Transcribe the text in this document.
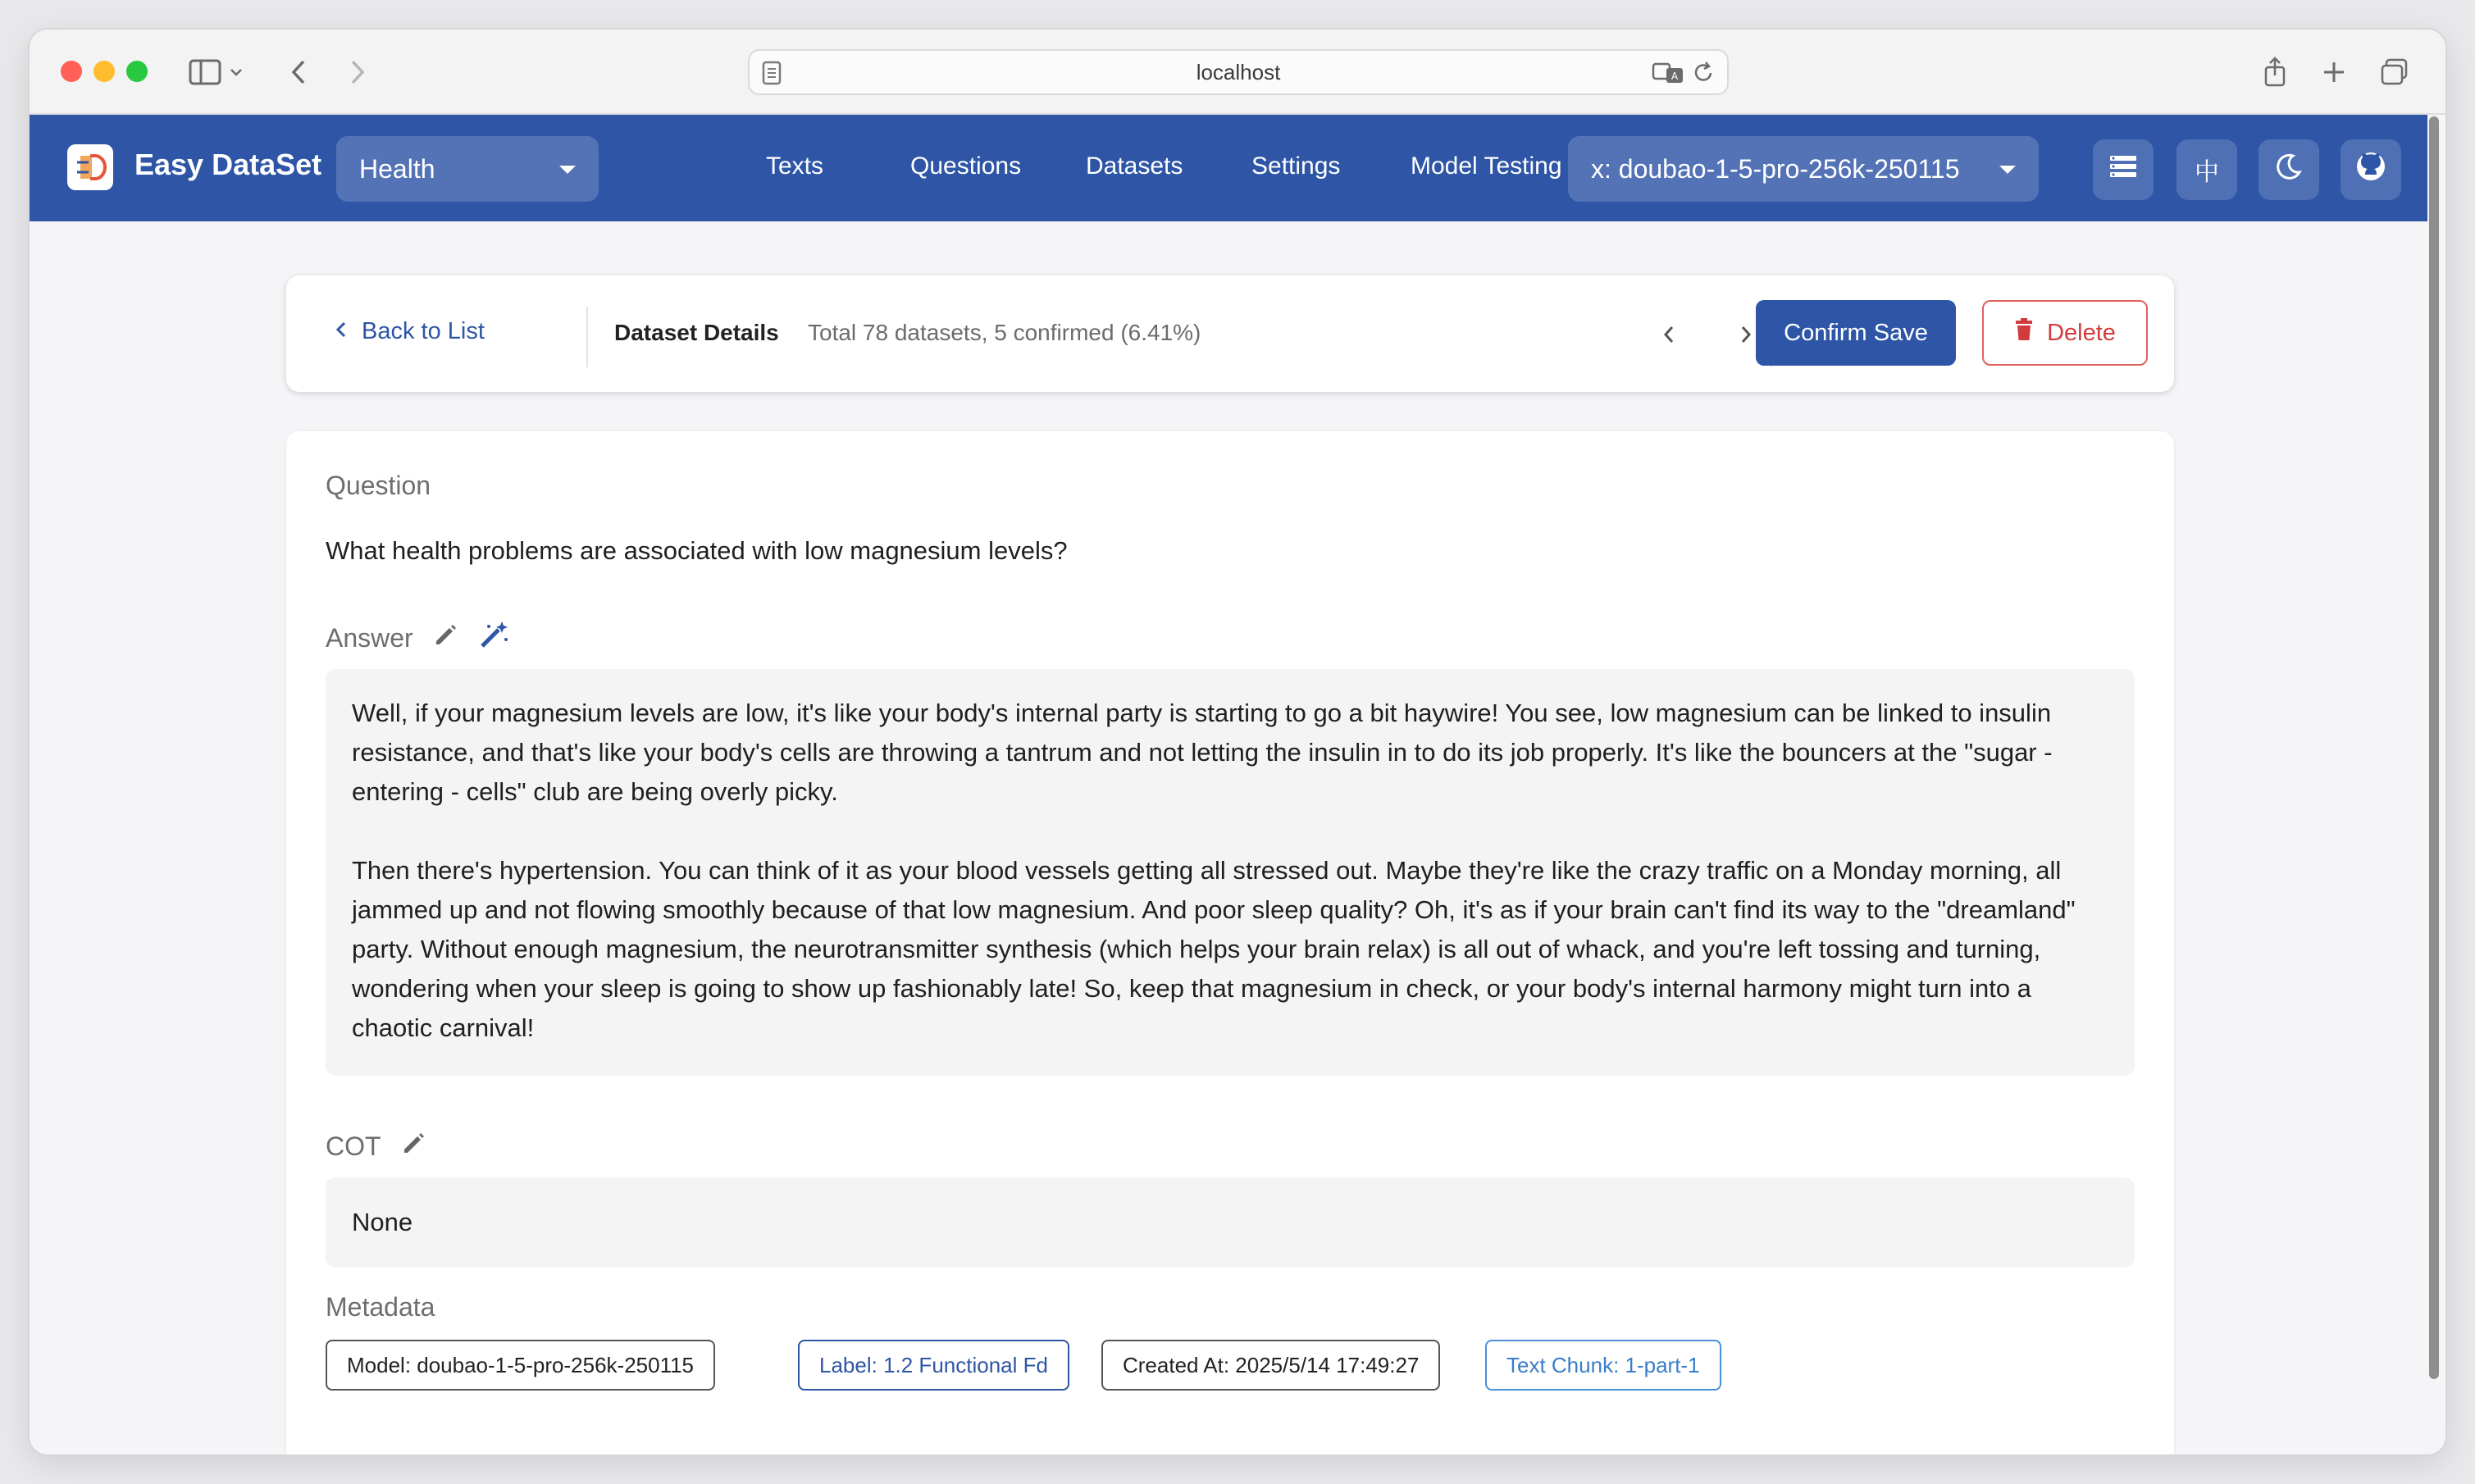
localhost	A
Easy DataSet Health	Texts	Questions	Datasets	Settings	Model Testing x: doubao-1-5-pro-256k-250115	中
Back to List	Dataset Details Total 78 datasets, 5 confirmed (6.41%)	Confirm Save	Delete
Question
What health problems are associated with low magnesium levels?
Answer

Well, if your magnesium levels are low, it's like your body's internal party is starting to go a bit haywire! You see, low magnesium can be linked to insulin resistance, and that's like your body's cells are throwing a tantrum and not letting the insulin in to do its job properly. It's like the bouncers at the "sugar - entering - cells" club are being overly picky.

Then there's hypertension. You can think of it as your blood vessels getting all stressed out. Maybe they're like the crazy traffic on a Monday morning, all jammed up and not flowing smoothly because of that low magnesium. And poor sleep quality? Oh, it's as if your brain can't find its way to the "dreamland" party. Without enough magnesium, the neurotransmitter synthesis (which helps your brain relax) is all out of whack, and you're left tossing and turning, wondering when your sleep is going to show up fashionably late! So, keep that magnesium in check, or your body's internal harmony might turn into a chaotic carnival!

COT
None
Metadata
Model: doubao-1-5-pro-256k-250115	Label: 1.2 Functional Fd	Created At: 2025/5/14 17:49:27	Text Chunk: 1-part-1
